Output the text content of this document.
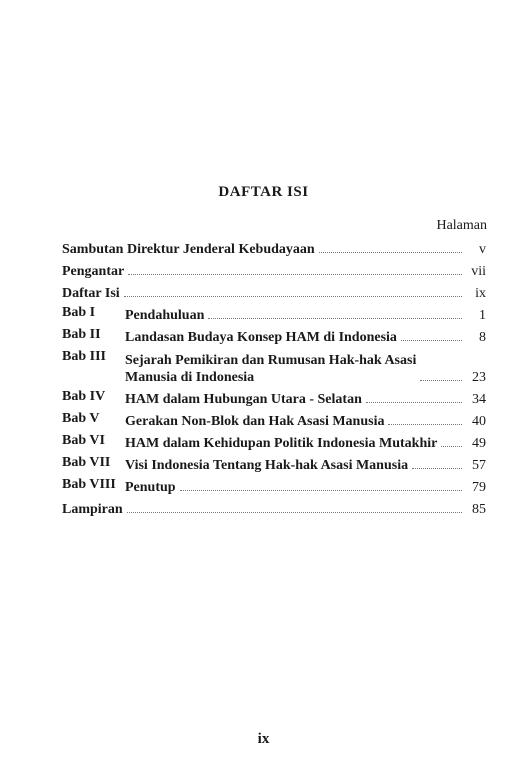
DAFTAR ISI
Halaman
Sambutan Direktur Jenderal Kebudayaan	v
Pengantar	vii
Daftar Isi	ix
Bab I	Pendahuluan	1
Bab II	Landasan Budaya Konsep HAM di Indonesia	8
Bab III	Sejarah Pemikiran dan Rumusan Hak-hak Asasi
Manusia di Indonesia	23
Bab IV	HAM dalam Hubungan Utara - Selatan	34
Bab V	Gerakan Non-Blok dan Hak Asasi Manusia	40
Bab VI	HAM dalam Kehidupan Politik Indonesia Mutakhir	49
Bab VII	Visi Indonesia Tentang Hak-hak Asasi Manusia	57
Bab VIII Penutup	79
Lampiran	85
ix
